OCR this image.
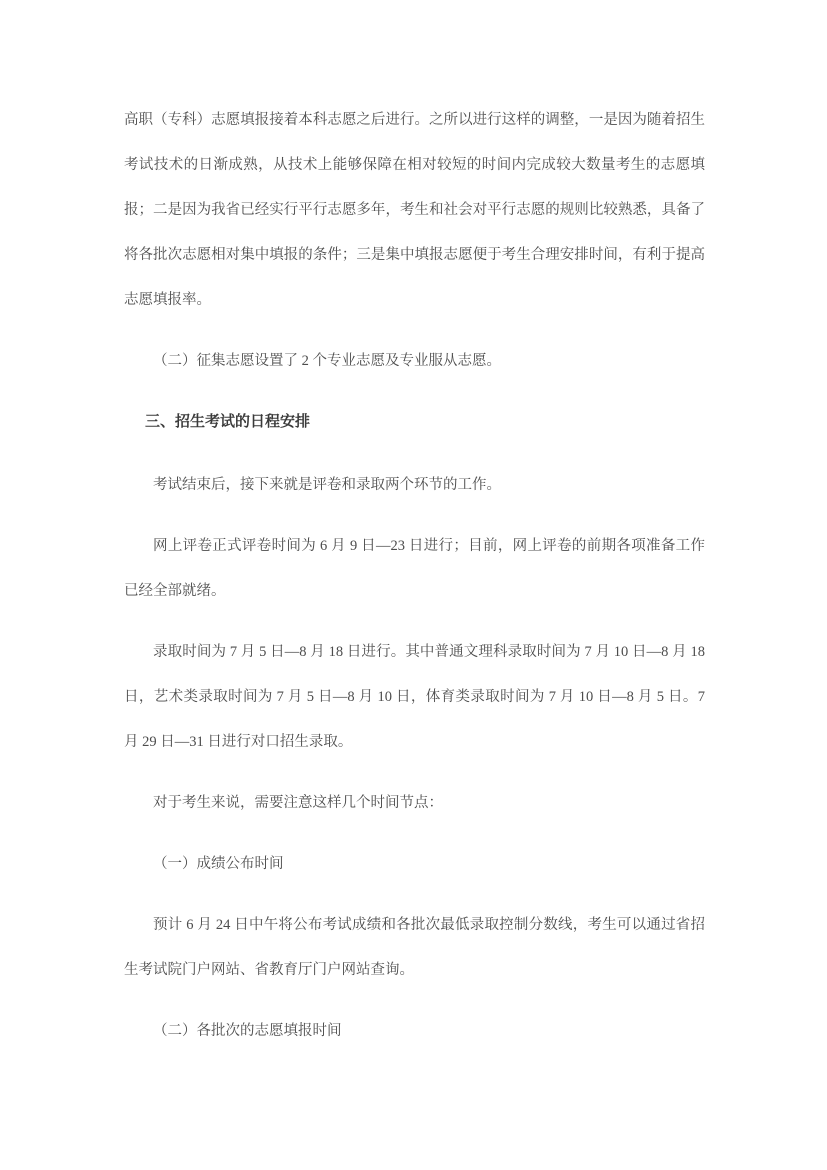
高职（专科）志愿填报接着本科志愿之后进行。之所以进行这样的调整，一是因为随着招生考试技术的日渐成熟，从技术上能够保障在相对较短的时间内完成较大数量考生的志愿填报；二是因为我省已经实行平行志愿多年，考生和社会对平行志愿的规则比较熟悉，具备了将各批次志愿相对集中填报的条件；三是集中填报志愿便于考生合理安排时间，有利于提高志愿填报率。

（二）征集志愿设置了 2 个专业志愿及专业服从志愿。

三、招生考试的日程安排

考试结束后，接下来就是评卷和录取两个环节的工作。

网上评卷正式评卷时间为 6 月 9 日—23 日进行；目前，网上评卷的前期各项准备工作已经全部就绪。

录取时间为 7 月 5 日—8 月 18 日进行。其中普通文理科录取时间为 7 月 10 日—8 月 18 日，艺术类录取时间为 7 月 5 日—8 月 10 日，体育类录取时间为 7 月 10 日—8 月 5 日。7 月 29 日—31 日进行对口招生录取。

对于考生来说，需要注意这样几个时间节点：

（一）成绩公布时间

预计 6 月 24 日中午将公布考试成绩和各批次最低录取控制分数线，考生可以通过省招生考试院门户网站、省教育厅门户网站查询。

（二）各批次的志愿填报时间
